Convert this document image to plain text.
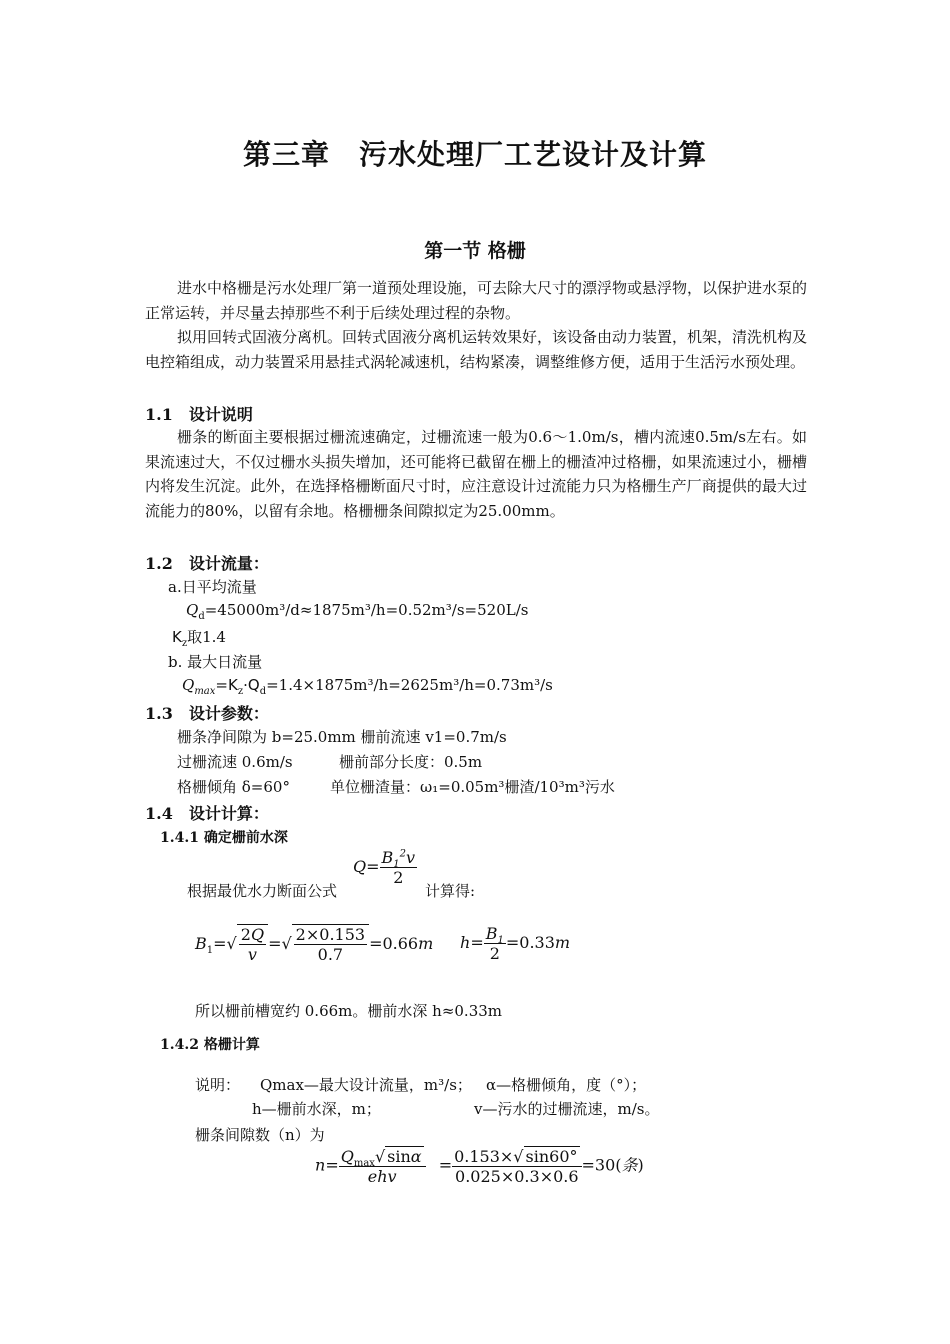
第三章　污水处理厂工艺设计及计算
第一节 格栅

进水中格栅是污水处理厂第一道预处理设施，可去除大尺寸的漂浮物或悬浮物，以保护进水泵的正常运转，并尽量去掉那些不利于后续处理过程的杂物。

拟用回转式固液分离机。回转式固液分离机运转效果好，该设备由动力装置，机架，清洗机构及电控箱组成，动力装置采用悬挂式涡轮减速机，结构紧凑，调整维修方便，适用于生活污水预处理。

1.1　设计说明

栅条的断面主要根据过栅流速确定，过栅流速一般为0.6～1.0m/s，槽内流速0.5m/s左右。如果流速过大，不仅过栅水头损失增加，还可能将已截留在栅上的栅渣冲过格栅，如果流速过小，栅槽内将发生沉淀。此外，在选择格栅断面尺寸时，应注意设计过流能力只为格栅生产厂商提供的最大过流能力的80%，以留有余地。格栅栅条间隙拟定为25.00mm。

1.2　设计流量：
a.日平均流量
$Q_d=45000m^3/d\approx 1875m^3/h=0.52m^3/s=520L/s$
$K_z$取1.4
b. 最大日流量
$Q_{max}=K_z\cdot Q_d=1.4\times 1875m^3/h=2625m^3/h=0.73m^3/s$
1.3　设计参数：
栅条净间隙为 b=25.0mm 栅前流速 v1=0.7m/s
过栅流速 0.6m/s	栅前部分长度：0.5m
格栅倾角 δ=60°	单位栅渣量：ω₁=0.05m³栅渣/10³m³污水
1.4　设计计算：
1.4.1 确定栅前水深
根据最优水力断面公式
$Q= \frac{B_1^2v}{2}$
计算得:
$B_1=√ \frac{2Q}{v}$ =√ $\frac{2\times 0.153}{0.7} =0.66m$ $h= \frac{B_1}{2} =0.33m$
所以栅前槽宽约 0.66m。栅前水深 h≈0.33m
1.4.2 格栅计算
说明： Qmax—最大设计流量，m³/s； α—格栅倾角，度（°）；
h—栅前水深，m；	v—污水的过栅流速，m/s。
栅条间隙数（n）为
$n= \frac{Q_{max}√ \sin\alpha}{\text{ehv}} = \frac{0.153\times√ \sin 60^\circ}{0.025\times 0.3\times 0.6} =30$(条)
